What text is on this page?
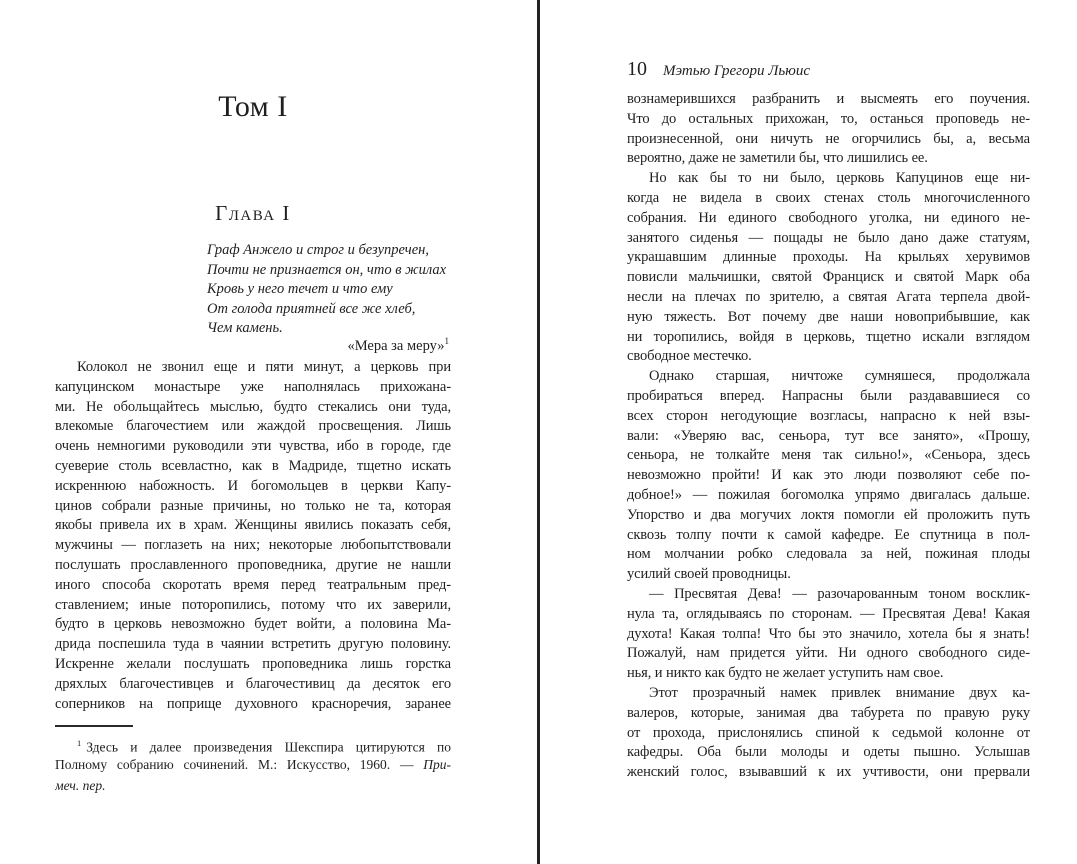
Том I
Глава I
Граф Анжело и строг и безупречен,
Почти не признается он, что в жилах
Кровь у него течет и что ему
От голода приятней все же хлеб,
Чем камень.
«Мера за меру»$^1$
Колокол не звонил еще и пяти минут, а церковь при
капуцинском монастыре уже наполнялась прихожана-
ми. Не обольщайтесь мыслью, будто стекались они туда,
влекомые благочестием или жаждой просвещения. Лишь
очень немногими руководили эти чувства, ибо в городе, где
суеверие столь всевластно, как в Мадриде, тщетно искать
искреннюю набожность. И богомольцев в церкви Капу-
цинов собрали разные причины, но только не та, которая
якобы привела их в храм. Женщины явились показать себя,
мужчины — поглазеть на них; некоторые любопытствовали
послушать прославленного проповедника, другие не нашли
иного способа скоротать время перед театральным пред-
ставлением; иные поторопились, потому что их заверили,
будто в церковь невозможно будет войти, а половина Ма-
дрида поспешила туда в чаянии встретить другую половину.
Искренне желали послушать проповедника лишь горстка
дряхлых благочестивцев и благочестивиц да десяток его
соперников на поприще духовного красноречия, заранее
$^1$ Здесь и далее произведения Шекспира цитируются по
Полному собранию сочинений. М.: Искусство, 1960. — При-
меч. пер.
10 Мэтью Грегори Льюис
вознамерившихся разбранить и высмеять его поучения.
Что до остальных прихожан, то, останься проповедь не-
произнесенной, они ничуть не огорчились бы, а, весьма
вероятно, даже не заметили бы, что лишились ее.
Но как бы то ни было, церковь Капуцинов еще ни-
когда не видела в своих стенах столь многочисленного
собрания. Ни единого свободного уголка, ни единого не-
занятого сиденья — пощады не было дано даже статуям,
украшавшим длинные проходы. На крыльях херувимов
повисли мальчишки, святой Франциск и святой Марк оба
несли на плечах по зрителю, а святая Агата терпела двой-
ную тяжесть. Вот почему две наши новоприбывшие, как
ни торопились, войдя в церковь, тщетно искали взглядом
свободное местечко.
Однако старшая, ничтоже сумняшеся, продолжала
пробираться вперед. Напрасны были раздававшиеся со
всех сторон негодующие возгласы, напрасно к ней взы-
вали: «Уверяю вас, сеньора, тут все занято», «Прошу,
сеньора, не толкайте меня так сильно!», «Сеньора, здесь
невозможно пройти! И как это люди позволяют себе по-
добное!» — пожилая богомолка упрямо двигалась дальше.
Упорство и два могучих локтя помогли ей проложить путь
сквозь толпу почти к самой кафедре. Ее спутница в пол-
ном молчании робко следовала за ней, пожиная плоды
усилий своей проводницы.
— Пресвятая Дева! — разочарованным тоном восклик-
нула та, оглядываясь по сторонам. — Пресвятая Дева! Какая
духота! Какая толпа! Что бы это значило, хотела бы я знать!
Пожалуй, нам придется уйти. Ни одного свободного сиде-
нья, и никто как будто не желает уступить нам свое.
Этот прозрачный намек привлек внимание двух ка-
валеров, которые, занимая два табурета по правую руку
от прохода, прислонялись спиной к седьмой колонне от
кафедры. Оба были молоды и одеты пышно. Услышав
женский голос, взывавший к их учтивости, они прервали
